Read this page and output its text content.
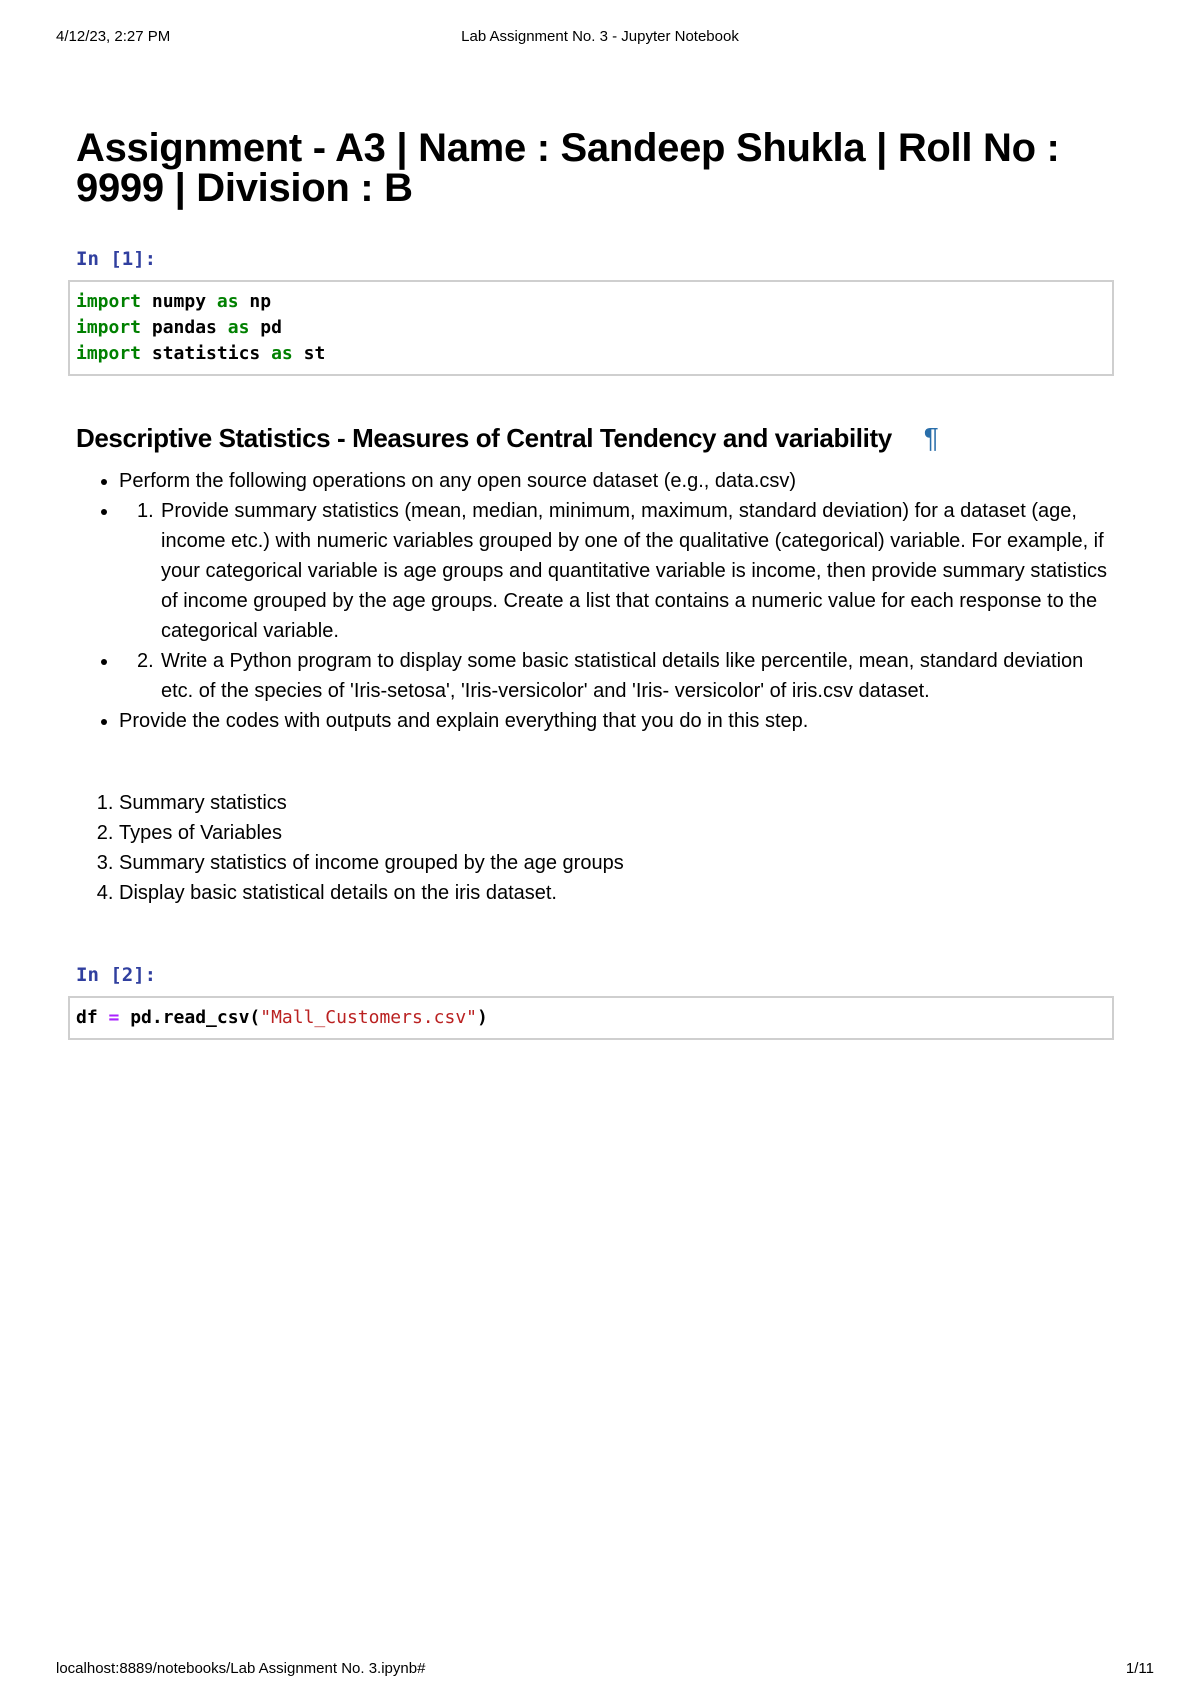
4/12/23, 2:27 PM	Lab Assignment No. 3 - Jupyter Notebook
Assignment - A3 | Name : Sandeep Shukla | Roll No : 9999 | Division : B
In [1]:
import numpy as np
import pandas as pd
import statistics as st
Descriptive Statistics - Measures of Central Tendency and variability ¶
• Perform the following operations on any open source dataset (e.g., data.csv)
• 1. Provide summary statistics (mean, median, minimum, maximum, standard deviation) for a dataset (age, income etc.) with numeric variables grouped by one of the qualitative (categorical) variable. For example, if your categorical variable is age groups and quantitative variable is income, then provide summary statistics of income grouped by the age groups. Create a list that contains a numeric value for each response to the categorical variable.
• 2. Write a Python program to display some basic statistical details like percentile, mean, standard deviation etc. of the species of 'Iris-setosa', 'Iris-versicolor' and 'Iris- versicolor' of iris.csv dataset.
• Provide the codes with outputs and explain everything that you do in this step.
1. Summary statistics
2. Types of Variables
3. Summary statistics of income grouped by the age groups
4. Display basic statistical details on the iris dataset.
In [2]:
df = pd.read_csv("Mall_Customers.csv")
localhost:8889/notebooks/Lab Assignment No. 3.ipynb#	1/11
